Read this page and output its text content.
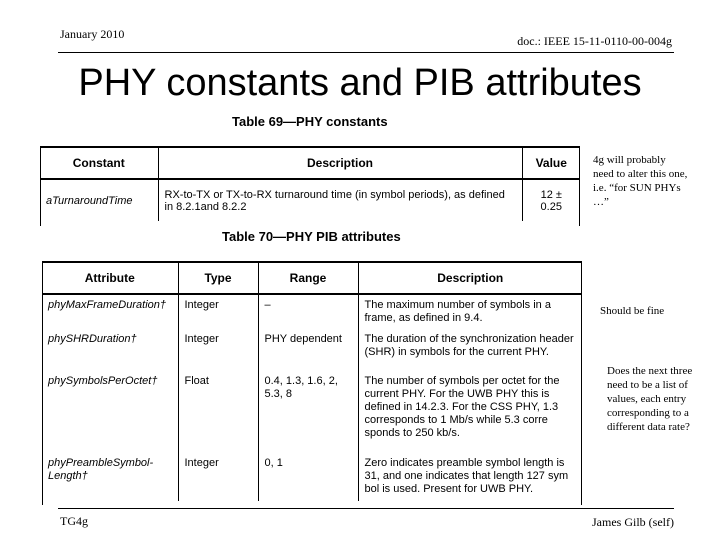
January 2010	doc.: IEEE 15-11-0110-00-004g
PHY constants and PIB attributes
Table 69—PHY constants
Constant	Description	Value
aTurnaroundTime	RX-to-TX or TX-to-RX turnaround time (in symbol periods), as defined in 8.2.1and 8.2.2	12 ± 0.25
Table 70—PHY PIB attributes
Attribute	Type	Range	Description
phyMaxFrameDuration†	Integer	–	The maximum number of symbols in a frame, as defined in 9.4.
phySHRDuration†	Integer	PHY dependent	The duration of the synchronization header (SHR) in symbols for the current PHY.
phySymbolsPerOctet†	Float	0.4, 1.3, 1.6, 2, 5.3, 8	The number of symbols per octet for the current PHY. For the UWB PHY this is defined in 14.2.3. For the CSS PHY, 1.3 corresponds to 1 Mb/s while 5.3 corre sponds to 250 kb/s.
phyPreambleSymbol-Length†	Integer	0, 1	Zero indicates preamble symbol length is 31, and one indicates that length 127 sym bol is used. Present for UWB PHY.
4g will probably need to alter this one, i.e. “for SUN PHYs …”
Should be fine
Does the next three need to be a list of values, each entry corresponding to a different data rate?
TG4g	James Gilb (self)
